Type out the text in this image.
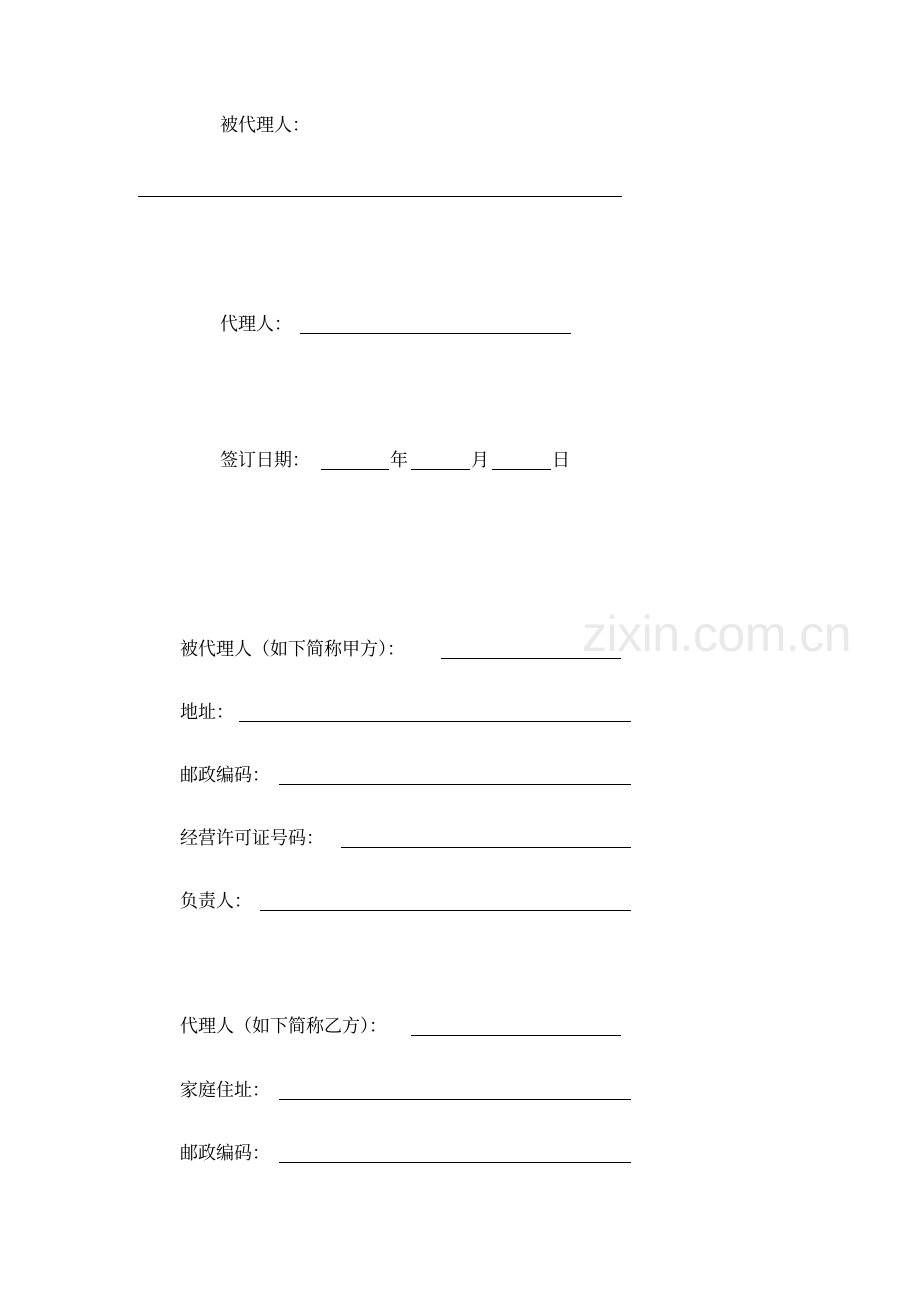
zixin.com.cn
被代理人：
代理人：
签订日期：	年	月	日
被代理人（如下简称甲方）：
地址：
邮政编码：
经营许可证号码：
负责人：
代理人（如下简称乙方）：
家庭住址：
邮政编码：
